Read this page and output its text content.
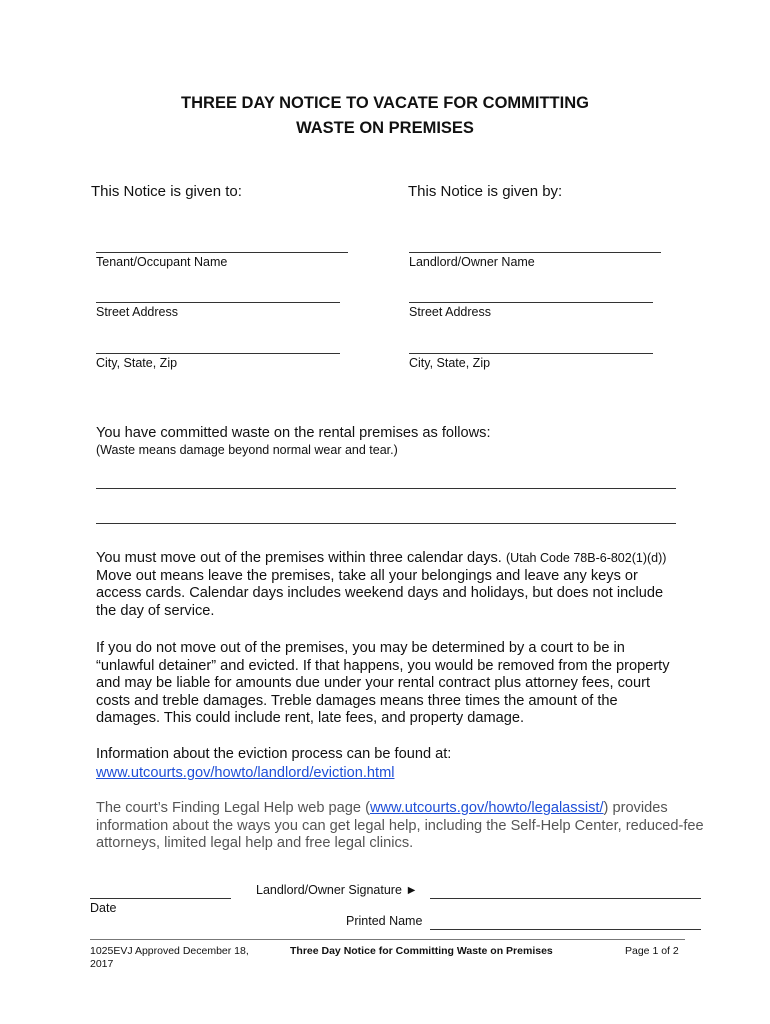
THREE DAY NOTICE TO VACATE FOR COMMITTING
WASTE ON PREMISES
This Notice is given to:	This Notice is given by:
Tenant/Occupant Name
Street Address
City, State, Zip
Landlord/Owner Name
Street Address
City, State, Zip
You have committed waste on the rental premises as follows:
(Waste means damage beyond normal wear and tear.)
You must move out of the premises within three calendar days. (Utah Code 78B-6-802(1)(d)) Move out means leave the premises, take all your belongings and leave any keys or access cards. Calendar days includes weekend days and holidays, but does not include the day of service.
If you do not move out of the premises, you may be determined by a court to be in “unlawful detainer” and evicted. If that happens, you would be removed from the property and may be liable for amounts due under your rental contract plus attorney fees, court costs and treble damages. Treble damages means three times the amount of the damages. This could include rent, late fees, and property damage.
Information about the eviction process can be found at:
www.utcourts.gov/howto/landlord/eviction.html
The court’s Finding Legal Help web page (www.utcourts.gov/howto/legalassist/) provides information about the ways you can get legal help, including the Self-Help Center, reduced-fee attorneys, limited legal help and free legal clinics.
Date
Landlord/Owner Signature ►
Printed Name
1025EVJ Approved December 18, 2017
Three Day Notice for Committing Waste on Premises	Page 1 of 2
